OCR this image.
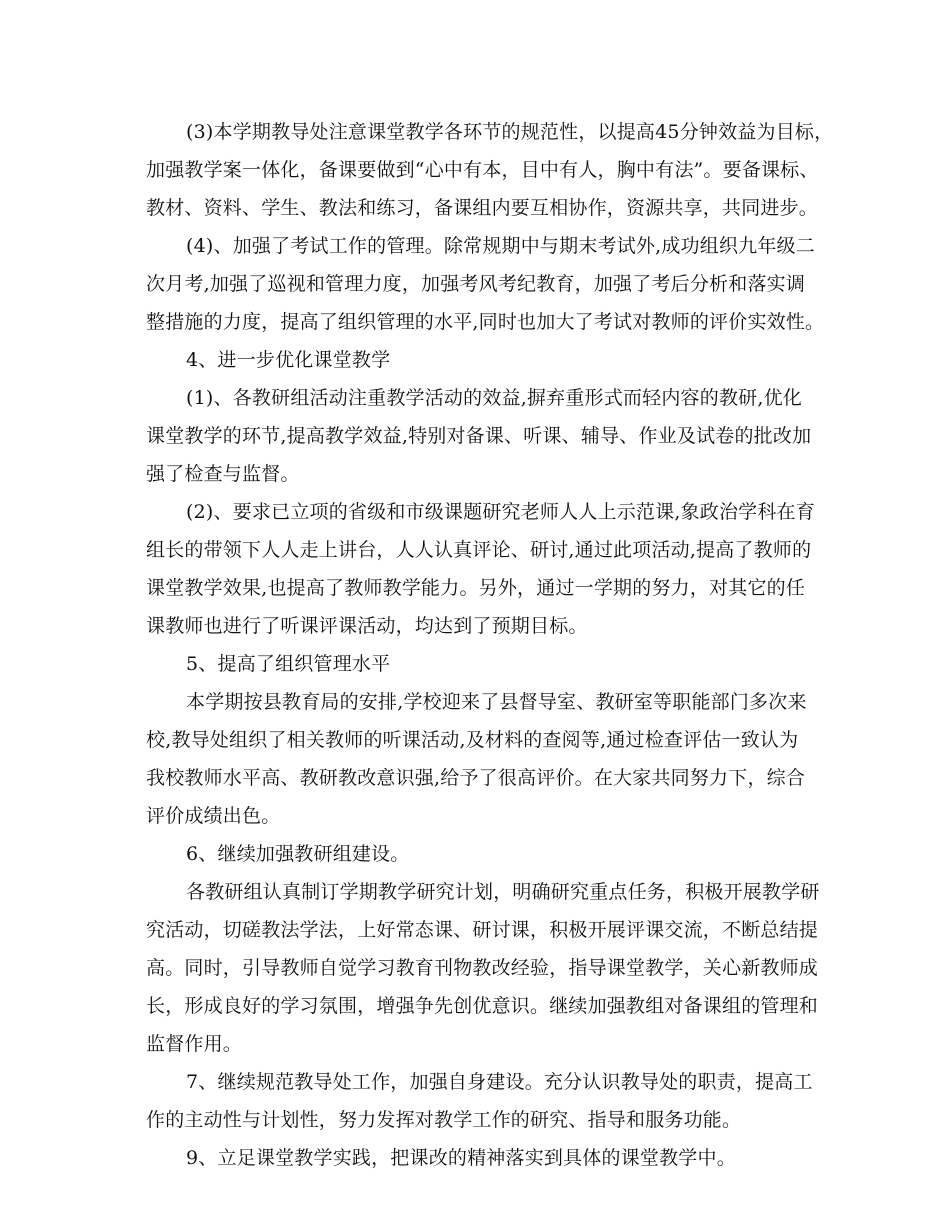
(3)本学期教导处注意课堂教学各环节的规范性，以提高45分钟效益为目标，
加强教学案一体化，备课要做到“心中有本，目中有人，胸中有法”。要备课标、
教材、资料、学生、教法和练习，备课组内要互相协作，资源共享，共同进步。
(4)、加强了考试工作的管理。除常规期中与期末考试外,成功组织九年级二
次月考,加强了巡视和管理力度，加强考风考纪教育，加强了考后分析和落实调
整措施的力度，提高了组织管理的水平,同时也加大了考试对教师的评价实效性。
4、进一步优化课堂教学
(1)、各教研组活动注重教学活动的效益,摒弃重形式而轻内容的教研,优化
课堂教学的环节,提高教学效益,特别对备课、听课、辅导、作业及试卷的批改加
强了检查与监督。
(2)、要求已立项的省级和市级课题研究老师人人上示范课,象政治学科在育
组长的带领下人人走上讲台，人人认真评论、研讨,通过此项活动,提高了教师的
课堂教学效果,也提高了教师教学能力。另外，通过一学期的努力，对其它的任
课教师也进行了听课评课活动，均达到了预期目标。
5、提高了组织管理水平
本学期按县教育局的安排,学校迎来了县督导室、教研室等职能部门多次来
校,教导处组织了相关教师的听课活动,及材料的查阅等,通过检查评估一致认为
我校教师水平高、教研教改意识强,给予了很高评价。在大家共同努力下，综合
评价成绩出色。
6、继续加强教研组建设。
各教研组认真制订学期教学研究计划，明确研究重点任务，积极开展教学研
究活动，切磋教法学法，上好常态课、研讨课，积极开展评课交流，不断总结提
高。同时，引导教师自觉学习教育刊物教改经验，指导课堂教学，关心新教师成
长，形成良好的学习氛围，增强争先创优意识。继续加强教组对备课组的管理和
监督作用。
7、继续规范教导处工作，加强自身建设。充分认识教导处的职责，提高工
作的主动性与计划性，努力发挥对教学工作的研究、指导和服务功能。
9、立足课堂教学实践，把课改的精神落实到具体的课堂教学中。
